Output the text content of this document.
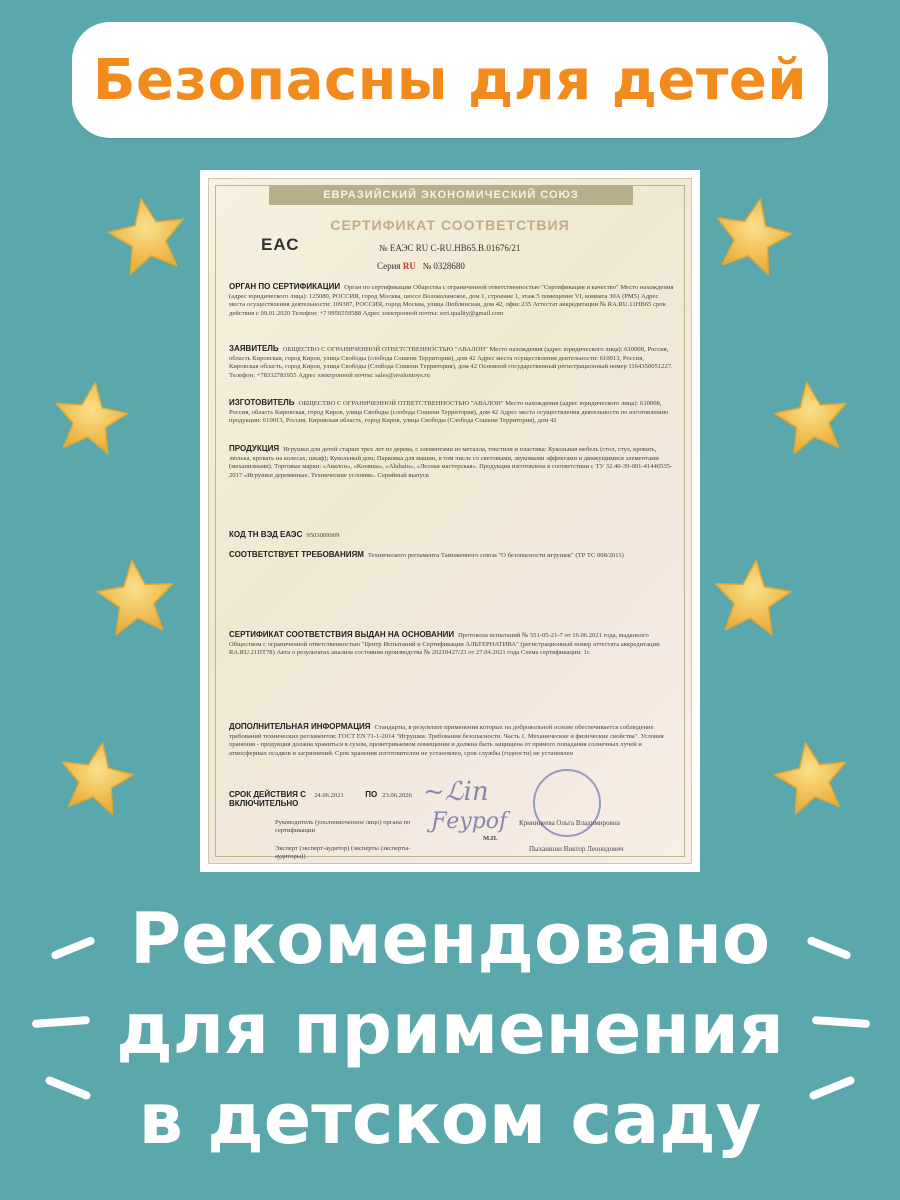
Безопасны для детей
ЕВРАЗИЙСКИЙ ЭКОНОМИЧЕСКИЙ СОЮЗ
СЕРТИФИКАТ СООТВЕТСТВИЯ
ЕАС	№ ЕАЭС RU C-RU.HB65.B.01676/21
Серия RU № 0328680
ОРГАН ПО СЕРТИФИКАЦИИ Орган по сертификации Общества с ограниченной ответственностью "Сертификация и качество" Место нахождения (адрес юридического лица): 125080, РОССИЯ, город Москва, шоссе Волоколамское, дом 1, строение 1, этаж 5 помещение VI, комната 30А (РМ5) Адрес места осуществления деятельности: 109387, РОССИЯ, город Москва, улица Люблинская, дом 42, офис 235 Аттестат аккредитации № RA.RU.11НВ65 срок действия с 09.01.2020 Телефон: +7 9956559588 Адрес электронной почты: sert.quality@gmail.com
ЗАЯВИТЕЛЬ ОБЩЕСТВО С ОГРАНИЧЕННОЙ ОТВЕТСТВЕННОСТЬЮ "АВАЛОН" Место нахождения (адрес юридического лица): 610008, Россия, область Кировская, город Киров, улица Свободы (слобода Сошени Территория), дом 42 Адрес места осуществления деятельности: 610013, Россия, Кировская область, город Киров, улица Свободы (Слобода Сошени Территория), дом 42 Основной государственный регистрационный номер 1164350051227. Телефон: +78332781955 Адрес электронной почты: sales@avalontoys.ru
ИЗГОТОВИТЕЛЬ ОБЩЕСТВО С ОГРАНИЧЕННОЙ ОТВЕТСТВЕННОСТЬЮ "АВАЛОН" Место нахождения (адрес юридического лица): 610008, Россия, область Кировская, город Киров, улица Свободы (слобода Сошени Территория), дом 42 Адрес места осуществления деятельности по изготовлению продукции: 610013, Россия, Кировская область, город Киров, улица Свободы (Слобода Сошени Территория), дом 42
ПРОДУКЦИЯ Игрушки для детей старше трех лет из дерева, с элементами из металла, текстиля и пластика: Кукольная мебель (стол, стул, кровать, люлька, кровать на колесах, шкаф); Кукольный дом; Парковка для машин, в том числе со световыми, звуковыми эффектами и движущимися элементами (механизмами). Торговые марки: «Авалон», «Коняша», «Alubalu», «Лесная мастерская». Продукция изготовлена в соответствии с ТУ 32.40-39-001-41446535-2017 «Игрушки деревянные. Технические условия». Серийный выпуск
КОД ТН ВЭД ЕАЭС 9503009909
СООТВЕТСТВУЕТ ТРЕБОВАНИЯМ Технического регламента Таможенного союза "О безопасности игрушек" (ТР ТС 008/2011)
СЕРТИФИКАТ СООТВЕТСТВИЯ ВЫДАН НА ОСНОВАНИИ Протокола испытаний № 551-05-21-7 от 16.06.2021 года, выданного Обществом с ограниченной ответственностью "Центр Испытаний и Сертификации АЛЬТЕРНАТИВА" (регистрационный номер аттестата аккредитации RA.RU.21ПТ78) Акта о результатах анализа состояния производства № 20210427/23 от 27.04.2021 года Схема сертификации: 1с
ДОПОЛНИТЕЛЬНАЯ ИНФОРМАЦИЯ Стандарты, в результате применения которых на добровольной основе обеспечивается соблюдение требований технических регламентов: ГОСТ EN 71-1-2014 "Игрушки. Требования безопасности. Часть 1. Механические и физические свойства". Условия хранения - продукция должна храниться в сухом, проветриваемом помещении и должна быть защищена от прямого попадания солнечных лучей и атмосферных осадков и загрязнений. Срок хранения изготовителем не установлен, срок службы (годности) не установлен
СРОК ДЕЙСТВИЯ С 24.06.2021	ПО 23.06.2026
ВКЛЮЧИТЕЛЬНО
Руководитель (уполномоченное лицо) органа по сертификации
Криницеева Ольга Владимировна
М.П.
Эксперт (эксперт-аудитор) (эксперты (эксперты-аудиторы))
Пыханшин Виктор Леонидович
~ℒin
Ƒeypof
Рекомендовано
для применения
в детском саду
